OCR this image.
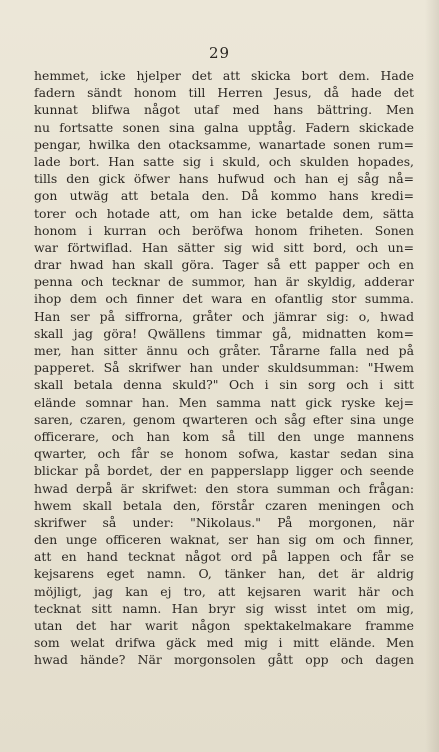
29
hemmet, icke hjelper det att skicka bort dem. Hade
fadern sändt honom till Herren Jesus, då hade det
kunnat blifwa något utaf med hans bättring. Men
nu fortsatte sonen sina galna upptåg. Fadern skickade
pengar, hwilka den otacksamme, wanartade sonen rum=
lade bort. Han satte sig i skuld, och skulden hopades,
tills den gick öfwer hans hufwud och han ej såg nå=
gon utwäg att betala den. Då kommo hans kredi=
torer och hotade att, om han icke betalde dem, sätta
honom i kurran och beröfwa honom friheten. Sonen
war förtwiflad. Han sätter sig wid sitt bord, och un=
drar hwad han skall göra. Tager så ett papper och en
penna och tecknar de summor, han är skyldig, adderar
ihop dem och finner det wara en ofantlig stor summa.
Han ser på siffrorna, gråter och jämrar sig: o, hwad
skall jag göra! Qwällens timmar gå, midnatten kom=
mer, han sitter ännu och gråter. Tårarne falla ned på
papperet. Så skrifwer han under skuldsumman: "Hwem
skall betala denna skuld?" Och i sin sorg och i sitt
elände somnar han. Men samma natt gick ryske kej=
saren, czaren, genom qwarteren och såg efter sina unge
officerare, och han kom så till den unge mannens
qwarter, och får se honom sofwa, kastar sedan sina
blickar på bordet, der en papperslapp ligger och seende
hwad derpå är skrifwet: den stora summan och frågan:
hwem skall betala den, förstår czaren meningen och
skrifwer så under: "Nikolaus." På morgonen, när
den unge officeren waknat, ser han sig om och finner,
att en hand tecknat något ord på lappen och får se
kejsarens eget namn. O, tänker han, det är aldrig
möjligt, jag kan ej tro, att kejsaren warit här och
tecknat sitt namn. Han bryr sig wisst intet om mig,
utan det har warit någon spektakelmakare framme
som welat drifwa gäck med mig i mitt elände. Men
hwad hände? När morgonsolen gått opp och dagen
